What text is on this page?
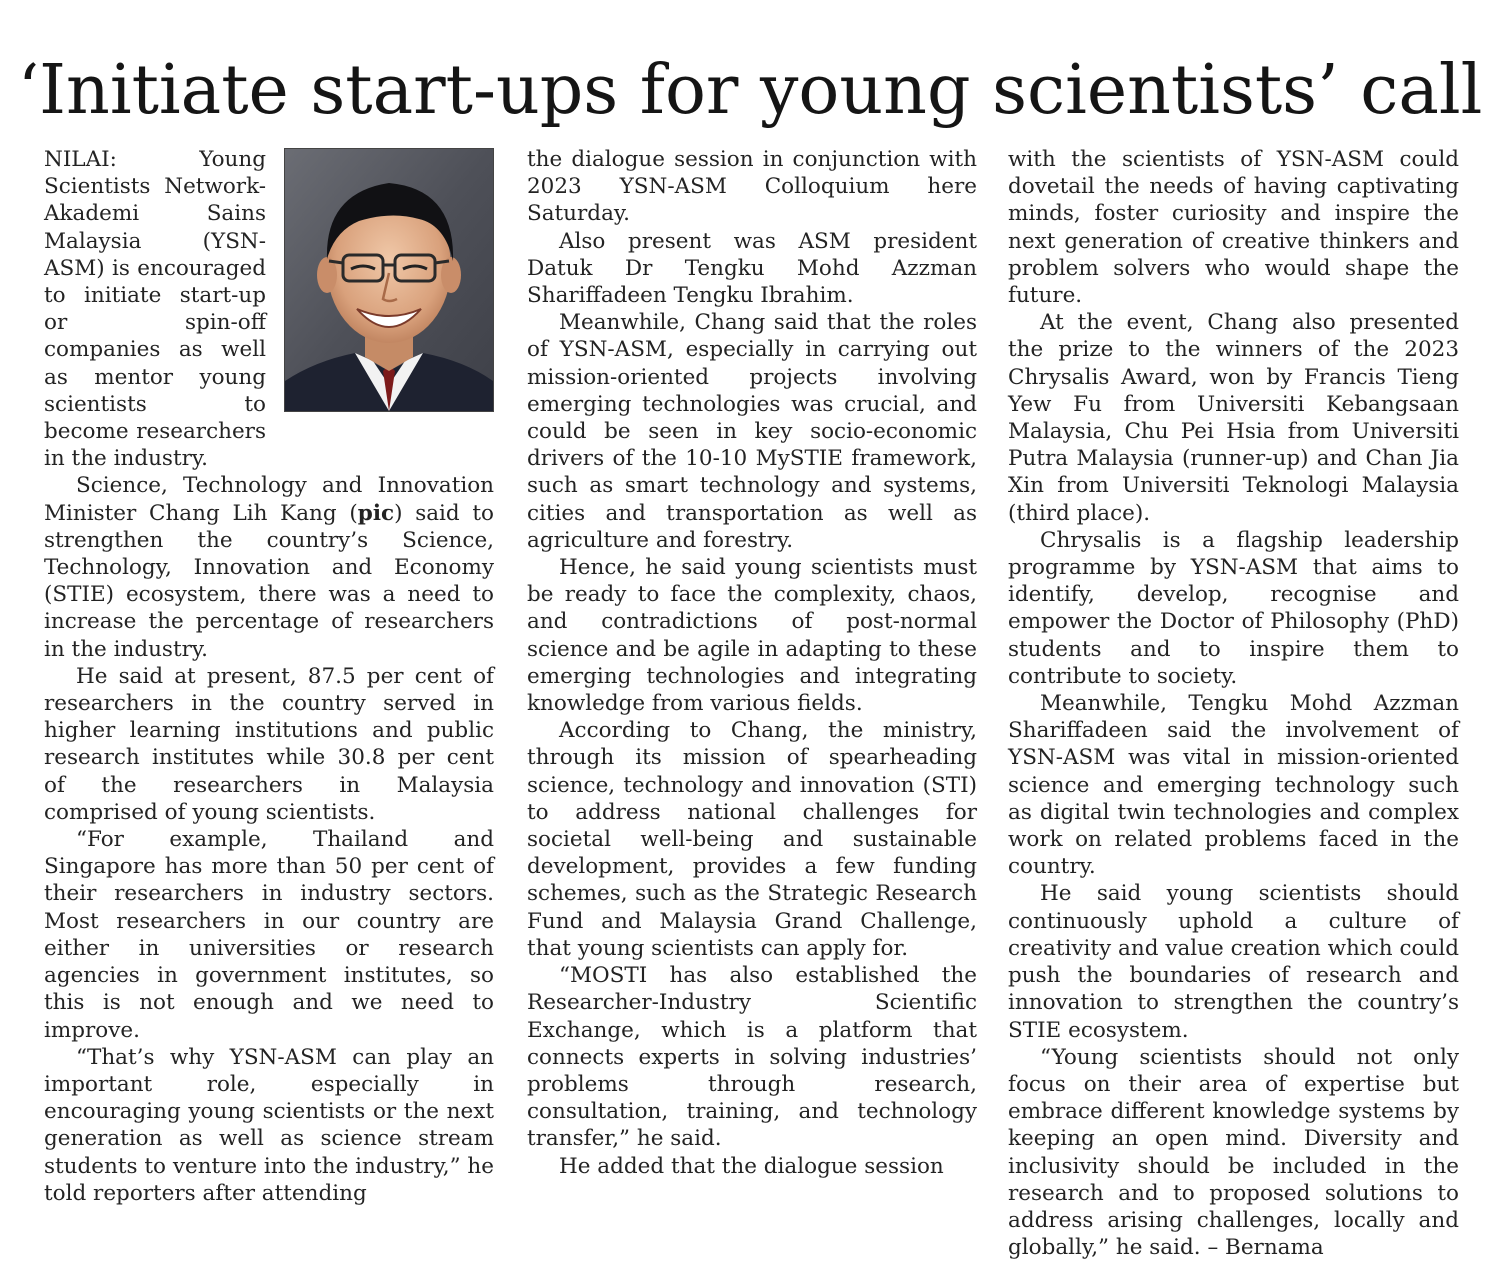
‘Initiate start-ups for young scientists’ call

NILAI: Young Scientists Network-Akademi Sains Malaysia (YSN-ASM) is encouraged to initiate start-up or spin-off companies as well as mentor young scientists to become researchers in the industry.

Science, Technology and Innovation Minister Chang Lih Kang (pic) said to strengthen the country’s Science, Technology, Innovation and Economy (STIE) ecosystem, there was a need to increase the percentage of researchers in the industry.

He said at present, 87.5 per cent of researchers in the country served in higher learning institutions and public research institutes while 30.8 per cent of the researchers in Malaysia comprised of young scientists.

“For example, Thailand and Singapore has more than 50 per cent of their researchers in industry sectors. Most researchers in our country are either in universities or research agencies in government institutes, so this is not enough and we need to improve.

“That’s why YSN-ASM can play an important role, especially in encouraging young scientists or the next generation as well as science stream students to venture into the industry,” he told reporters after attending

the dialogue session in conjunction with 2023 YSN-ASM Colloquium here Saturday.

Also present was ASM president Datuk Dr Tengku Mohd Azzman Shariffadeen Tengku Ibrahim.

Meanwhile, Chang said that the roles of YSN-ASM, especially in carrying out mission-oriented projects involving emerging technologies was crucial, and could be seen in key socio-economic drivers of the 10-10 MySTIE framework, such as smart technology and systems, cities and transportation as well as agriculture and forestry.

Hence, he said young scientists must be ready to face the complexity, chaos, and contradictions of post-normal science and be agile in adapting to these emerging technologies and integrating knowledge from various fields.

According to Chang, the ministry, through its mission of spearheading science, technology and innovation (STI) to address national challenges for societal well-being and sustainable development, provides a few funding schemes, such as the Strategic Research Fund and Malaysia Grand Challenge, that young scientists can apply for.

“MOSTI has also established the Researcher-Industry Scientific Exchange, which is a platform that connects experts in solving industries’ problems through research, consultation, training, and technology transfer,” he said.

He added that the dialogue session

with the scientists of YSN-ASM could dovetail the needs of having captivating minds, foster curiosity and inspire the next generation of creative thinkers and problem solvers who would shape the future.

At the event, Chang also presented the prize to the winners of the 2023 Chrysalis Award, won by Francis Tieng Yew Fu from Universiti Kebangsaan Malaysia, Chu Pei Hsia from Universiti Putra Malaysia (runner-up) and Chan Jia Xin from Universiti Teknologi Malaysia (third place).

Chrysalis is a flagship leadership programme by YSN-ASM that aims to identify, develop, recognise and empower the Doctor of Philosophy (PhD) students and to inspire them to contribute to society.

Meanwhile, Tengku Mohd Azzman Shariffadeen said the involvement of YSN-ASM was vital in mission-oriented science and emerging technology such as digital twin technologies and complex work on related problems faced in the country.

He said young scientists should continuously uphold a culture of creativity and value creation which could push the boundaries of research and innovation to strengthen the country’s STIE ecosystem.

“Young scientists should not only focus on their area of expertise but embrace different knowledge systems by keeping an open mind. Diversity and inclusivity should be included in the research and to proposed solutions to address arising challenges, locally and globally,” he said. – Bernama
